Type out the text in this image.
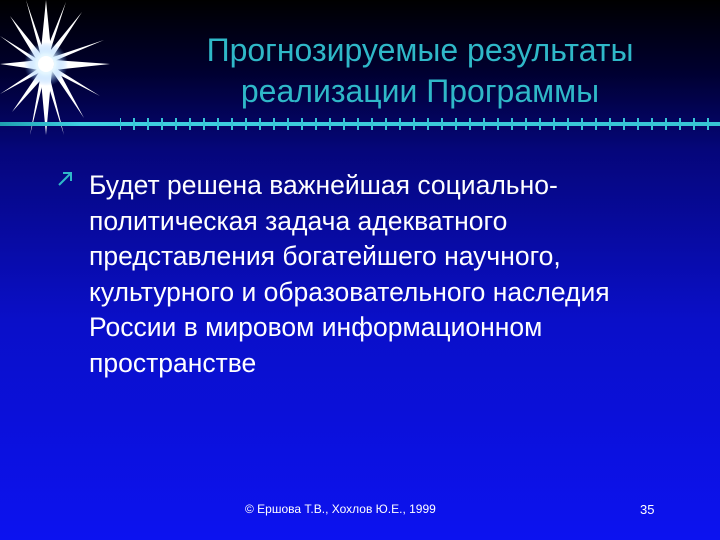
Прогнозируемые результаты
реализации Программы
Будет решена важнейшая социально-политическая задача адекватного представления богатейшего научного, культурного и образовательного наследия России в мировом информационном пространстве
© Ершова Т.В., Хохлов Ю.Е., 1999	35
